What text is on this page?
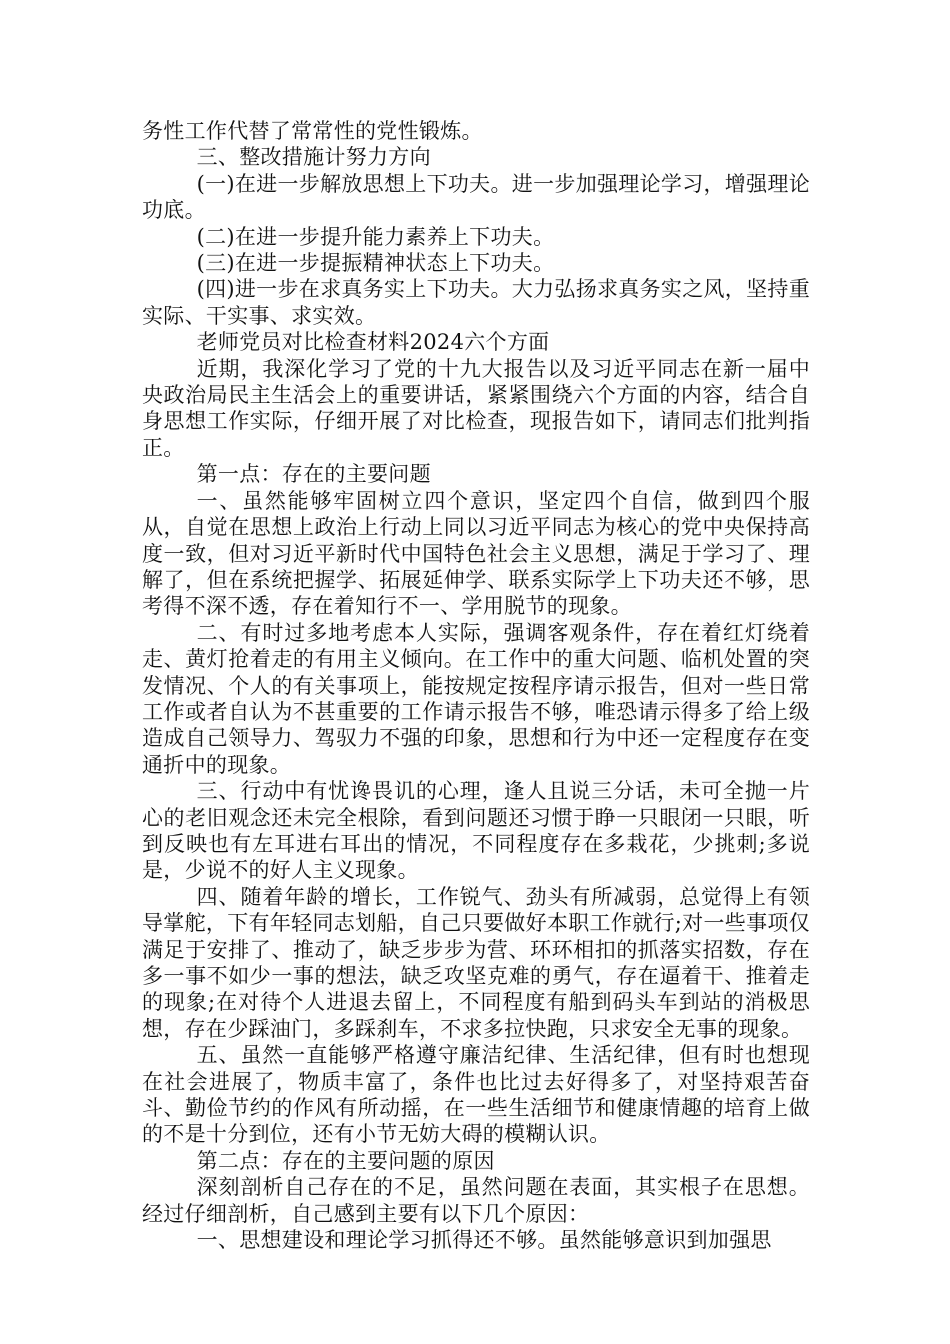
务性工作代替了常常性的党性锻炼。

三、整改措施计努力方向

(一)在进一步解放思想上下功夫。进一步加强理论学习，增强理论功底。

(二)在进一步提升能力素养上下功夫。

(三)在进一步提振精神状态上下功夫。

(四)进一步在求真务实上下功夫。大力弘扬求真务实之风，坚持重实际、干实事、求实效。

老师党员对比检查材料2024六个方面

近期，我深化学习了党的十九大报告以及习近平同志在新一届中央政治局民主生活会上的重要讲话，紧紧围绕六个方面的内容，结合自身思想工作实际，仔细开展了对比检查，现报告如下，请同志们批判指正。

第一点：存在的主要问题

一、虽然能够牢固树立四个意识，坚定四个自信，做到四个服从，自觉在思想上政治上行动上同以习近平同志为核心的党中央保持高度一致，但对习近平新时代中国特色社会主义思想，满足于学习了、理解了，但在系统把握学、拓展延伸学、联系实际学上下功夫还不够，思考得不深不透，存在着知行不一、学用脱节的现象。

二、有时过多地考虑本人实际，强调客观条件，存在着红灯绕着走、黄灯抢着走的有用主义倾向。在工作中的重大问题、临机处置的突发情况、个人的有关事项上，能按规定按程序请示报告，但对一些日常工作或者自认为不甚重要的工作请示报告不够，唯恐请示得多了给上级造成自己领导力、驾驭力不强的印象，思想和行为中还一定程度存在变通折中的现象。

三、行动中有忧谗畏讥的心理，逢人且说三分话，未可全抛一片心的老旧观念还未完全根除，看到问题还习惯于睁一只眼闭一只眼，听到反映也有左耳进右耳出的情况，不同程度存在多栽花，少挑刺;多说是，少说不的好人主义现象。

四、随着年龄的增长，工作锐气、劲头有所减弱，总觉得上有领导掌舵，下有年轻同志划船，自己只要做好本职工作就行;对一些事项仅满足于安排了、推动了，缺乏步步为营、环环相扣的抓落实招数，存在多一事不如少一事的想法，缺乏攻坚克难的勇气，存在逼着干、推着走的现象;在对待个人进退去留上，不同程度有船到码头车到站的消极思想，存在少踩油门，多踩刹车，不求多拉快跑，只求安全无事的现象。

五、虽然一直能够严格遵守廉洁纪律、生活纪律，但有时也想现在社会进展了，物质丰富了，条件也比过去好得多了，对坚持艰苦奋斗、勤俭节约的作风有所动摇，在一些生活细节和健康情趣的培育上做的不是十分到位，还有小节无妨大碍的模糊认识。

第二点：存在的主要问题的原因

深刻剖析自己存在的不足，虽然问题在表面，其实根子在思想。经过仔细剖析，自己感到主要有以下几个原因：

一、思想建设和理论学习抓得还不够。虽然能够意识到加强思
